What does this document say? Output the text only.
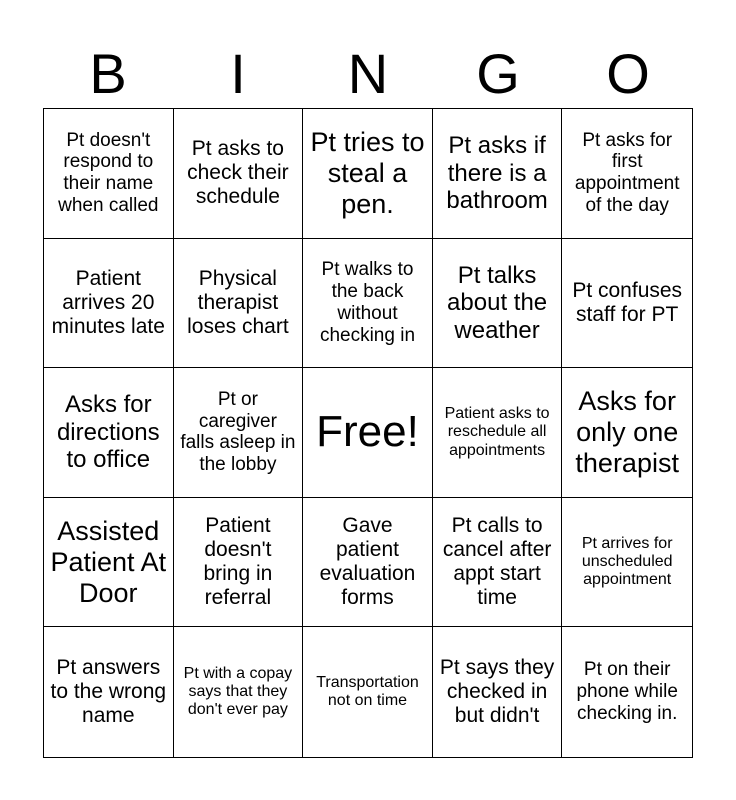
B	I	N	G	O
Pt doesn't respond to their name when called
Pt asks to check their schedule
Pt tries to steal a pen.
Pt asks if there is a bathroom
Pt asks for first appointment of the day
Patient arrives 20 minutes late
Physical therapist loses chart
Pt walks to the back without checking in
Pt talks about the weather
Pt confuses staff for PT
Asks for directions to office
Pt or caregiver falls asleep in the lobby
Free!	Patient asks to reschedule all appointments
Asks for only one therapist
Assisted Patient At Door
Patient doesn't bring in referral
Gave patient evaluation forms
Pt calls to cancel after appt start time
Pt arrives for unscheduled appointment
Pt answers to the wrong name
Pt with a copay says that they don't ever pay
Transportation not on time
Pt says they checked in but didn't
Pt on their phone while checking in.
